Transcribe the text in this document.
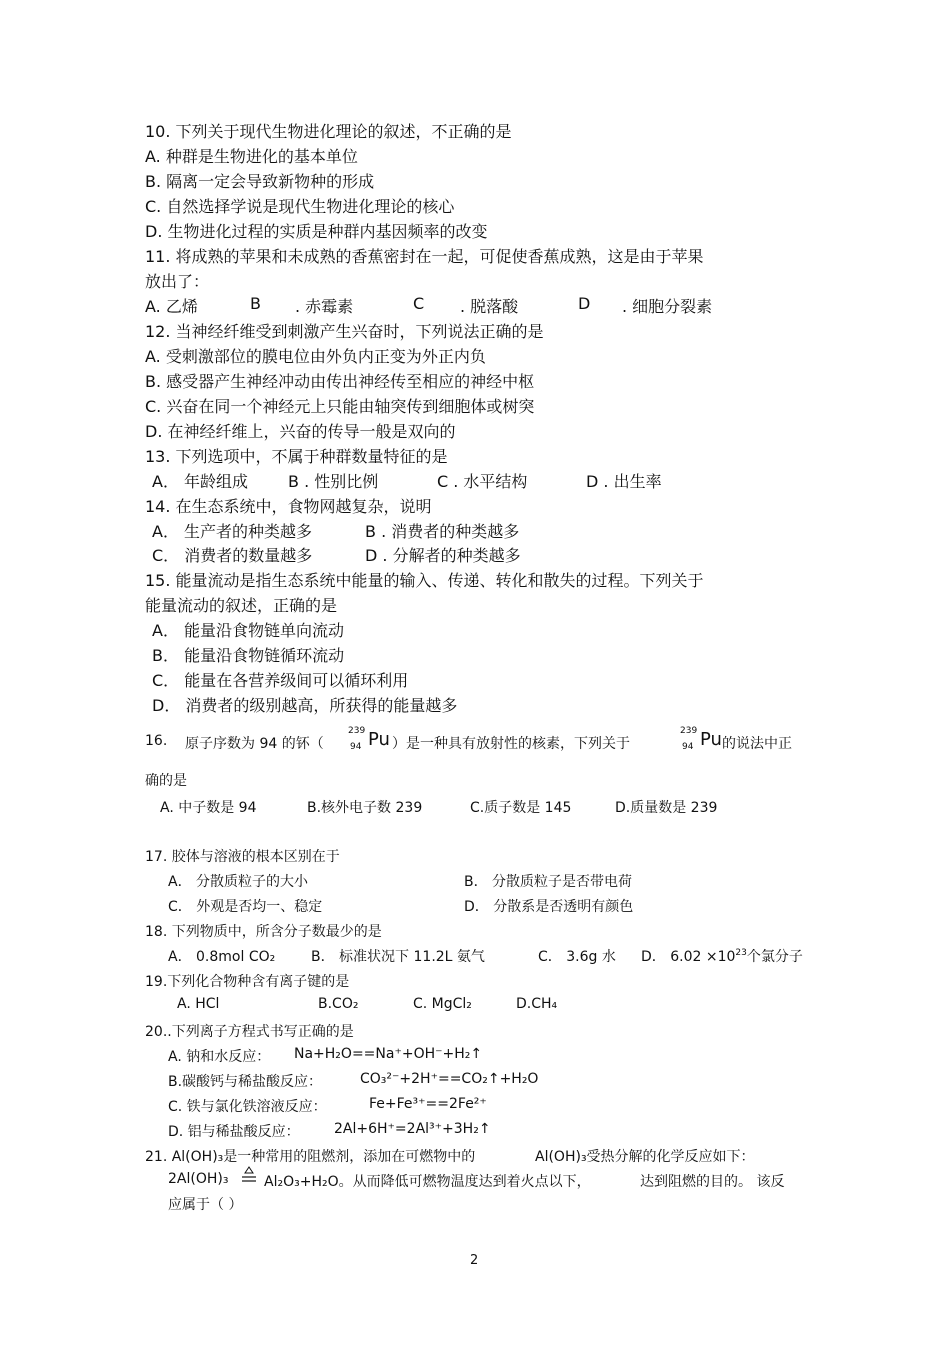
10. 下列关于现代生物进化理论的叙述，不正确的是
A. 种群是生物进化的基本单位
B. 隔离一定会导致新物种的形成
C. 自然选择学说是现代生物进化理论的核心
D. 生物进化过程的实质是种群内基因频率的改变
11. 将成熟的苹果和未成熟的香蕉密封在一起，可促使香蕉成熟，这是由于苹果
放出了：
A. 乙烯	B . 赤霉素	C . 脱落酸	D . 细胞分裂素
12. 当神经纤维受到刺激产生兴奋时，下列说法正确的是
A. 受刺激部位的膜电位由外负内正变为外正内负
B. 感受器产生神经冲动由传出神经传至相应的神经中枢
C. 兴奋在同一个神经元上只能由轴突传到细胞体或树突
D. 在神经纤维上，兴奋的传导一般是双向的
13. 下列选项中，不属于种群数量特征的是
A． 年龄组成 B . 性别比例	C . 水平结构	D . 出生率
14. 在生态系统中，食物网越复杂，说明
A． 生产者的种类越多	B . 消费者的种类越多
C． 消费者的数量越多	D . 分解者的种类越多
15. 能量流动是指生态系统中能量的输入、传递、转化和散失的过程。下列关于
能量流动的叙述，正确的是
A． 能量沿食物链单向流动
B． 能量沿食物链循环流动
C． 能量在各营养级间可以循环利用
D． 消费者的级别越高，所获得的能量越多
16. 原子序数为 94 的钚（
239
94 Pu ）是一种具有放射性的核素，下列关于
239
94 Pu 的说法中正
确的是
A. 中子数是 94	B.核外电子数 239	C.质子数是 145	D.质量数是 239
17. 胶体与溶液的根本区别在于
A． 分散质粒子的大小	B． 分散质粒子是否带电荷
C． 外观是否均一、稳定	D． 分散系是否透明有颜色
18. 下列物质中，所含分子数最少的是
A． 0.8mol CO₂	B． 标准状况下 11.2L 氨气	C． 3.6g 水 D． $6.02 \times 10^{23}$个氯分子
19.下列化合物种含有离子键的是
A. HCl	B.CO₂	C. MgCl₂	D.CH₄
20..下列离子方程式书写正确的是
A. 钠和水反应： Na+H₂O==Na⁺+OH⁻+H₂↑
B.碳酸钙与稀盐酸反应：	CO₃²⁻+2H⁺==CO₂↑+H₂O
C. 铁与氯化铁溶液反应：	Fe+Fe³⁺==2Fe²⁺
D. 铝与稀盐酸反应： 2Al+6H⁺=2Al³⁺+3H₂↑
21. Al(OH)₃是一种常用的阻燃剂，添加在可燃物中的	Al(OH)₃受热分解的化学反应如下：
2Al(OH)₃	Al₂O₃+H₂O。从而降低可燃物温度达到着火点以下，	达到阻燃的目的。 该反
应属于（ ）
2
